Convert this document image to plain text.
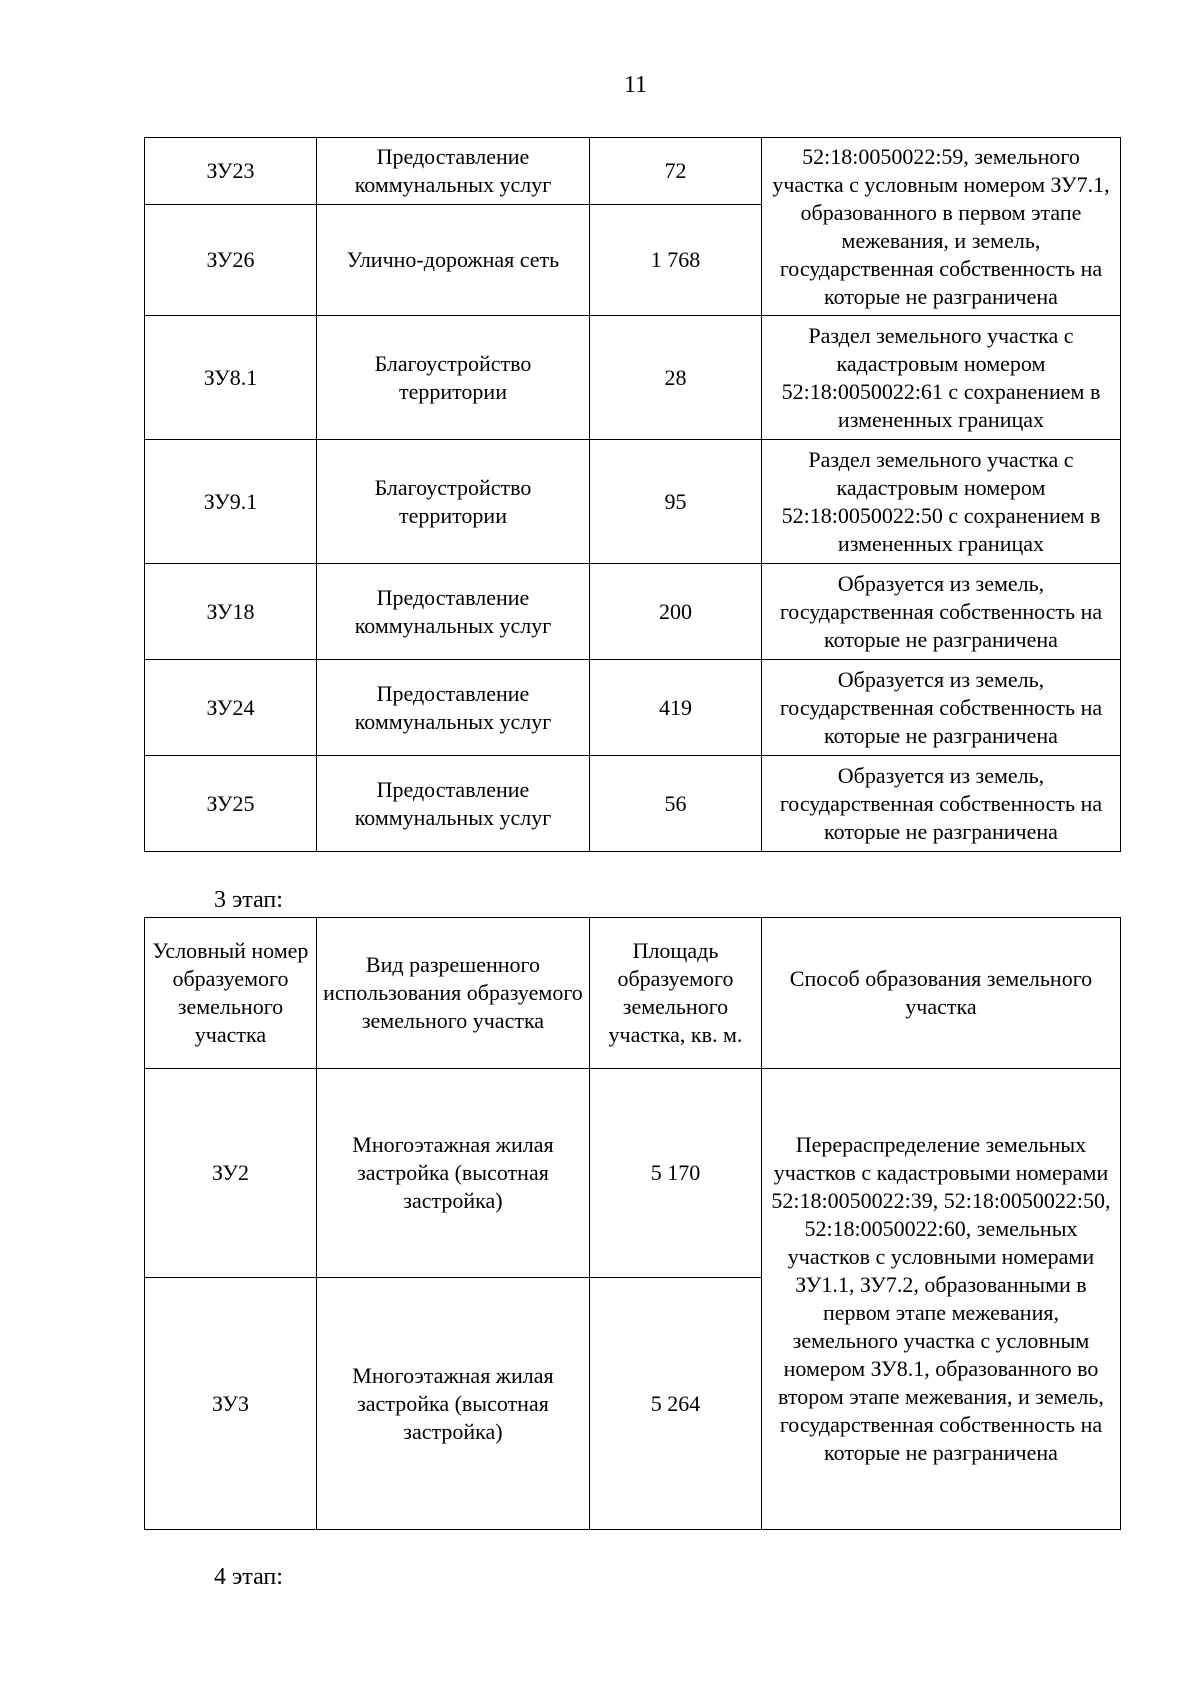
11
ЗУ23	Предоставление коммунальных услуг	72	52:18:0050022:59, земельного участка с условным номером ЗУ7.1, образованного в первом этапе межевания, и земель, государственная собственность на которые не разграничена
ЗУ26	Улично-дорожная сеть	1 768	
ЗУ8.1	Благоустройство территории	28	Раздел земельного участка с кадастровым номером 52:18:0050022:61 с сохранением в измененных границах
ЗУ9.1	Благоустройство территории	95	Раздел земельного участка с кадастровым номером 52:18:0050022:50 с сохранением в измененных границах
ЗУ18	Предоставление коммунальных услуг	200	Образуется из земель, государственная собственность на которые не разграничена
ЗУ24	Предоставление коммунальных услуг	419	Образуется из земель, государственная собственность на которые не разграничена
ЗУ25	Предоставление коммунальных услуг	56	Образуется из земель, государственная собственность на которые не разграничена
3 этап:
Условный номер образуемого земельного участка	Вид разрешенного использования образуемого земельного участка	Площадь образуемого земельного участка, кв. м.	Способ образования земельного участка
ЗУ2	Многоэтажная жилая застройка (высотная застройка)	5 170	Перераспределение земельных участков с кадастровыми номерами 52:18:0050022:39, 52:18:0050022:50, 52:18:0050022:60, земельных участков с условными номерами ЗУ1.1, ЗУ7.2, образованными в первом этапе межевания, земельного участка с условным номером ЗУ8.1, образованного во втором этапе межевания, и земель, государственная собственность на которые не разграничена
ЗУ3	Многоэтажная жилая застройка (высотная застройка)	5 264	
4 этап:
